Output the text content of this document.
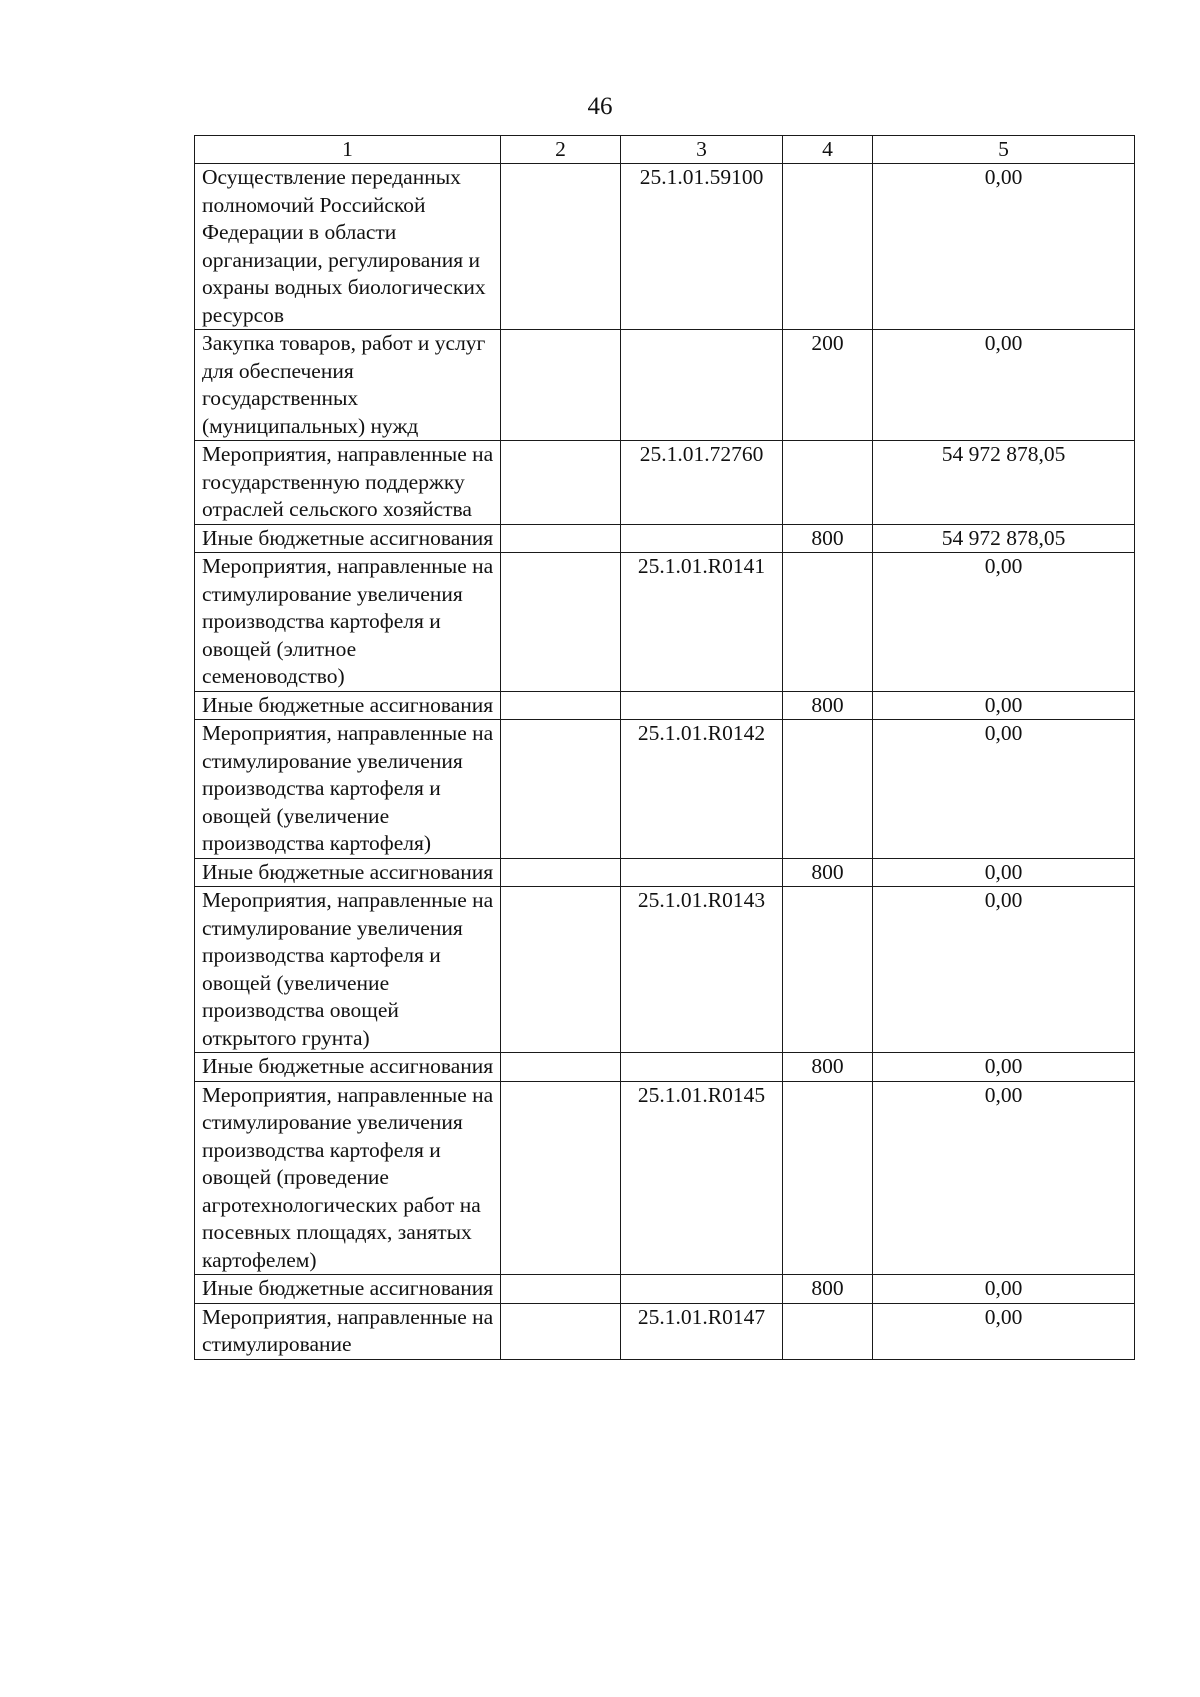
46
1	2	3	4	5
Осуществление переданных полномочий Российской Федерации в области организации, регулирования и охраны водных биологических ресурсов		25.1.01.59100		0,00
Закупка товаров, работ и услуг для обеспечения государственных (муниципальных) нужд			200	0,00
Мероприятия, направленные на государственную поддержку отраслей сельского хозяйства		25.1.01.72760		54 972 878,05
Иные бюджетные ассигнования			800	54 972 878,05
Мероприятия, направленные на стимулирование увеличения производства картофеля и овощей (элитное семеноводство)		25.1.01.R0141		0,00
Иные бюджетные ассигнования			800	0,00
Мероприятия, направленные на стимулирование увеличения производства картофеля и овощей (увеличение производства картофеля)		25.1.01.R0142		0,00
Иные бюджетные ассигнования			800	0,00
Мероприятия, направленные на стимулирование увеличения производства картофеля и овощей (увеличение производства овощей открытого грунта)		25.1.01.R0143		0,00
Иные бюджетные ассигнования			800	0,00
Мероприятия, направленные на стимулирование увеличения производства картофеля и овощей (проведение агротехнологических работ на посевных площадях, занятых картофелем)		25.1.01.R0145		0,00
Иные бюджетные ассигнования			800	0,00
Мероприятия, направленные на стимулирование		25.1.01.R0147		0,00
